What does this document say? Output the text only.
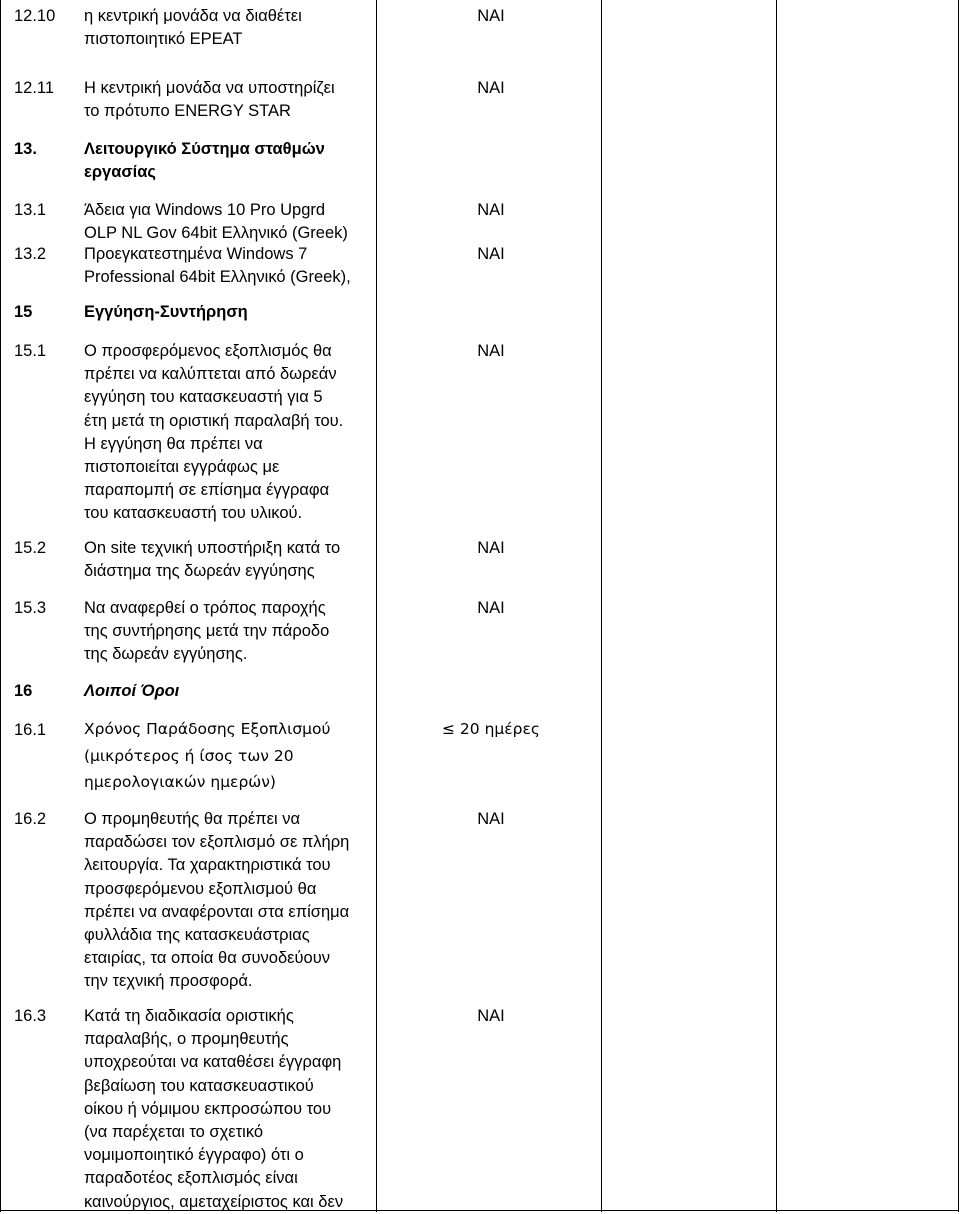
12.10 η κεντρική μονάδα να διαθέτει
πιστοποιητικό EPEAT
ΝΑΙ
12.11 Η κεντρική μονάδα να υποστηρίζει
το πρότυπο ENERGY STAR
ΝΑΙ
13.	Λειτουργικό Σύστημα σταθμών
εργασίας
13.1 Άδεια για Windows 10 Pro Upgrd
OLP NL Gov 64bit Ελληνικό (Greek)
ΝΑΙ
13.2 Προεγκατεστημένα Windows 7
Professional 64bit Ελληνικό (Greek),
ΝΑΙ
15	Εγγύηση-Συντήρηση
15.1 Ο προσφερόμενος εξοπλισμός θα
πρέπει να καλύπτεται από δωρεάν
εγγύηση του κατασκευαστή για 5
έτη μετά τη οριστική παραλαβή του.
Η εγγύηση θα πρέπει να
πιστοποιείται εγγράφως με
παραπομπή σε επίσημα έγγραφα
του κατασκευαστή του υλικού.
ΝΑΙ
15.2 On site τεχνική υποστήριξη κατά το
διάστημα της δωρεάν εγγύησης
ΝΑΙ
15.3 Να αναφερθεί ο τρόπος παροχής
της συντήρησης μετά την πάροδο
της δωρεάν εγγύησης.
ΝΑΙ
16	Λοιποί Όροι
16.1 Χρόνος Παράδοσης Εξοπλισμού
(μικρότερος ή ίσος των 20
ημερολογιακών ημερών)
≤ 20 ημέρες
16.2 Ο προμηθευτής θα πρέπει να
παραδώσει τον εξοπλισμό σε πλήρη
λειτουργία. Τα χαρακτηριστικά του
προσφερόμενου εξοπλισμού θα
πρέπει να αναφέρονται στα επίσημα
φυλλάδια της κατασκευάστριας
εταιρίας, τα οποία θα συνοδεύουν
την τεχνική προσφορά.
ΝΑΙ
16.3 Κατά τη διαδικασία οριστικής
παραλαβής, ο προμηθευτής
υποχρεούται να καταθέσει έγγραφη
βεβαίωση του κατασκευαστικού
οίκου ή νόμιμου εκπροσώπου του
(να παρέχεται το σχετικό
νομιμοποιητικό έγγραφο) ότι ο
παραδοτέος εξοπλισμός είναι
καινούργιος, αμεταχείριστος και δεν
ΝΑΙ
